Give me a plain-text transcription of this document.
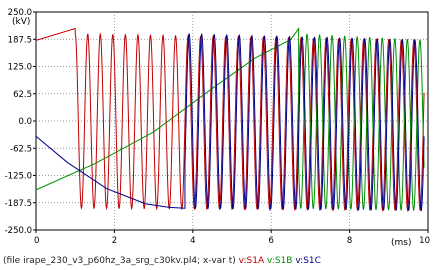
250.0
187.5
125.0
62.5
0.0
-62.5
-125.0
-187.5
-250.0
0	2	4	6	8	10
(kV)
(ms)
(file irape_230_v3_p60hz_3a_srg_c30kv.pl4; x-var t) v:S1A v:S1B v:S1C
